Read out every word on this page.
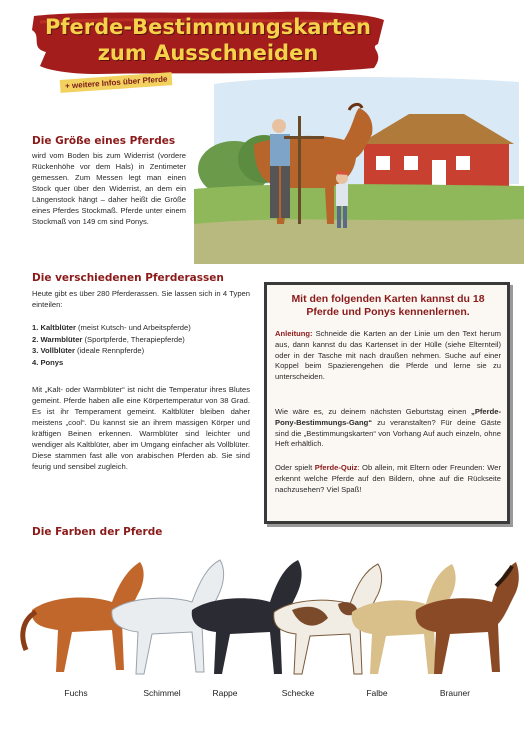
Pferde-Bestimmungskarten
zum Ausschneiden
+ weitere Infos über Pferde
Die Größe eines Pferdes
wird vom Boden bis zum Widerrist (vordere Rückenhöhe vor dem Hals) in Zentimeter gemessen. Zum Messen legt man einen Stock quer über den Widerrist, an dem ein Längenstock hängt – daher heißt die Größe eines Pferdes Stockmaß. Pferde unter einem Stockmaß von 149 cm sind Ponys.
Die verschiedenen Pferderassen
Heute gibt es über 280 Pferderassen. Sie lassen sich in 4 Typen einteilen:
1. Kaltblüter (meist Kutsch- und Arbeitspferde)
2. Warmblüter (Sportpferde, Therapiepferde)
3. Vollblüter (ideale Rennpferde)
4. Ponys
Mit „Kalt- oder Warmblüter“ ist nicht die Temperatur ihres Blutes gemeint. Pferde haben alle eine Körpertemperatur von 38 Grad. Es ist ihr Temperament gemeint. Kaltblüter bleiben daher meistens „cool“. Du kannst sie an ihrem massigen Körper und kräftigen Beinen erkennen. Warmblüter sind leichter und wendiger als Kaltblüter, aber im Umgang einfacher als Vollblüter. Diese stammen fast alle von arabischen Pferden ab. Sie sind feurig und sensibel zugleich.
Mit den folgenden Karten kannst du 18 Pferde und Ponys kennenlernen.
Anleitung: Schneide die Karten an der Linie um den Text herum aus, dann kannst du das Kartenset in der Hülle (siehe Elternteil) oder in der Tasche mit nach draußen nehmen. Suche auf einer Koppel beim Spazierengehen die Pferde und lerne sie zu unterscheiden.
Wie wäre es, zu deinem nächsten Geburtstag einen „Pferde-Pony-Bestimmungs-Gang“ zu veranstalten? Für deine Gäste sind die „Bestimmungskarten“ von Vorhang Auf auch einzeln, ohne Heft erhältlich.
Oder spielt Pferde-Quiz: Ob allein, mit Eltern oder Freunden: Wer erkennt welche Pferde auf den Bildern, ohne auf die Rückseite nachzusehen? Viel Spaß!
Die Farben der Pferde
Fuchs	Schimmel	Rappe	Schecke	Falbe	Brauner
